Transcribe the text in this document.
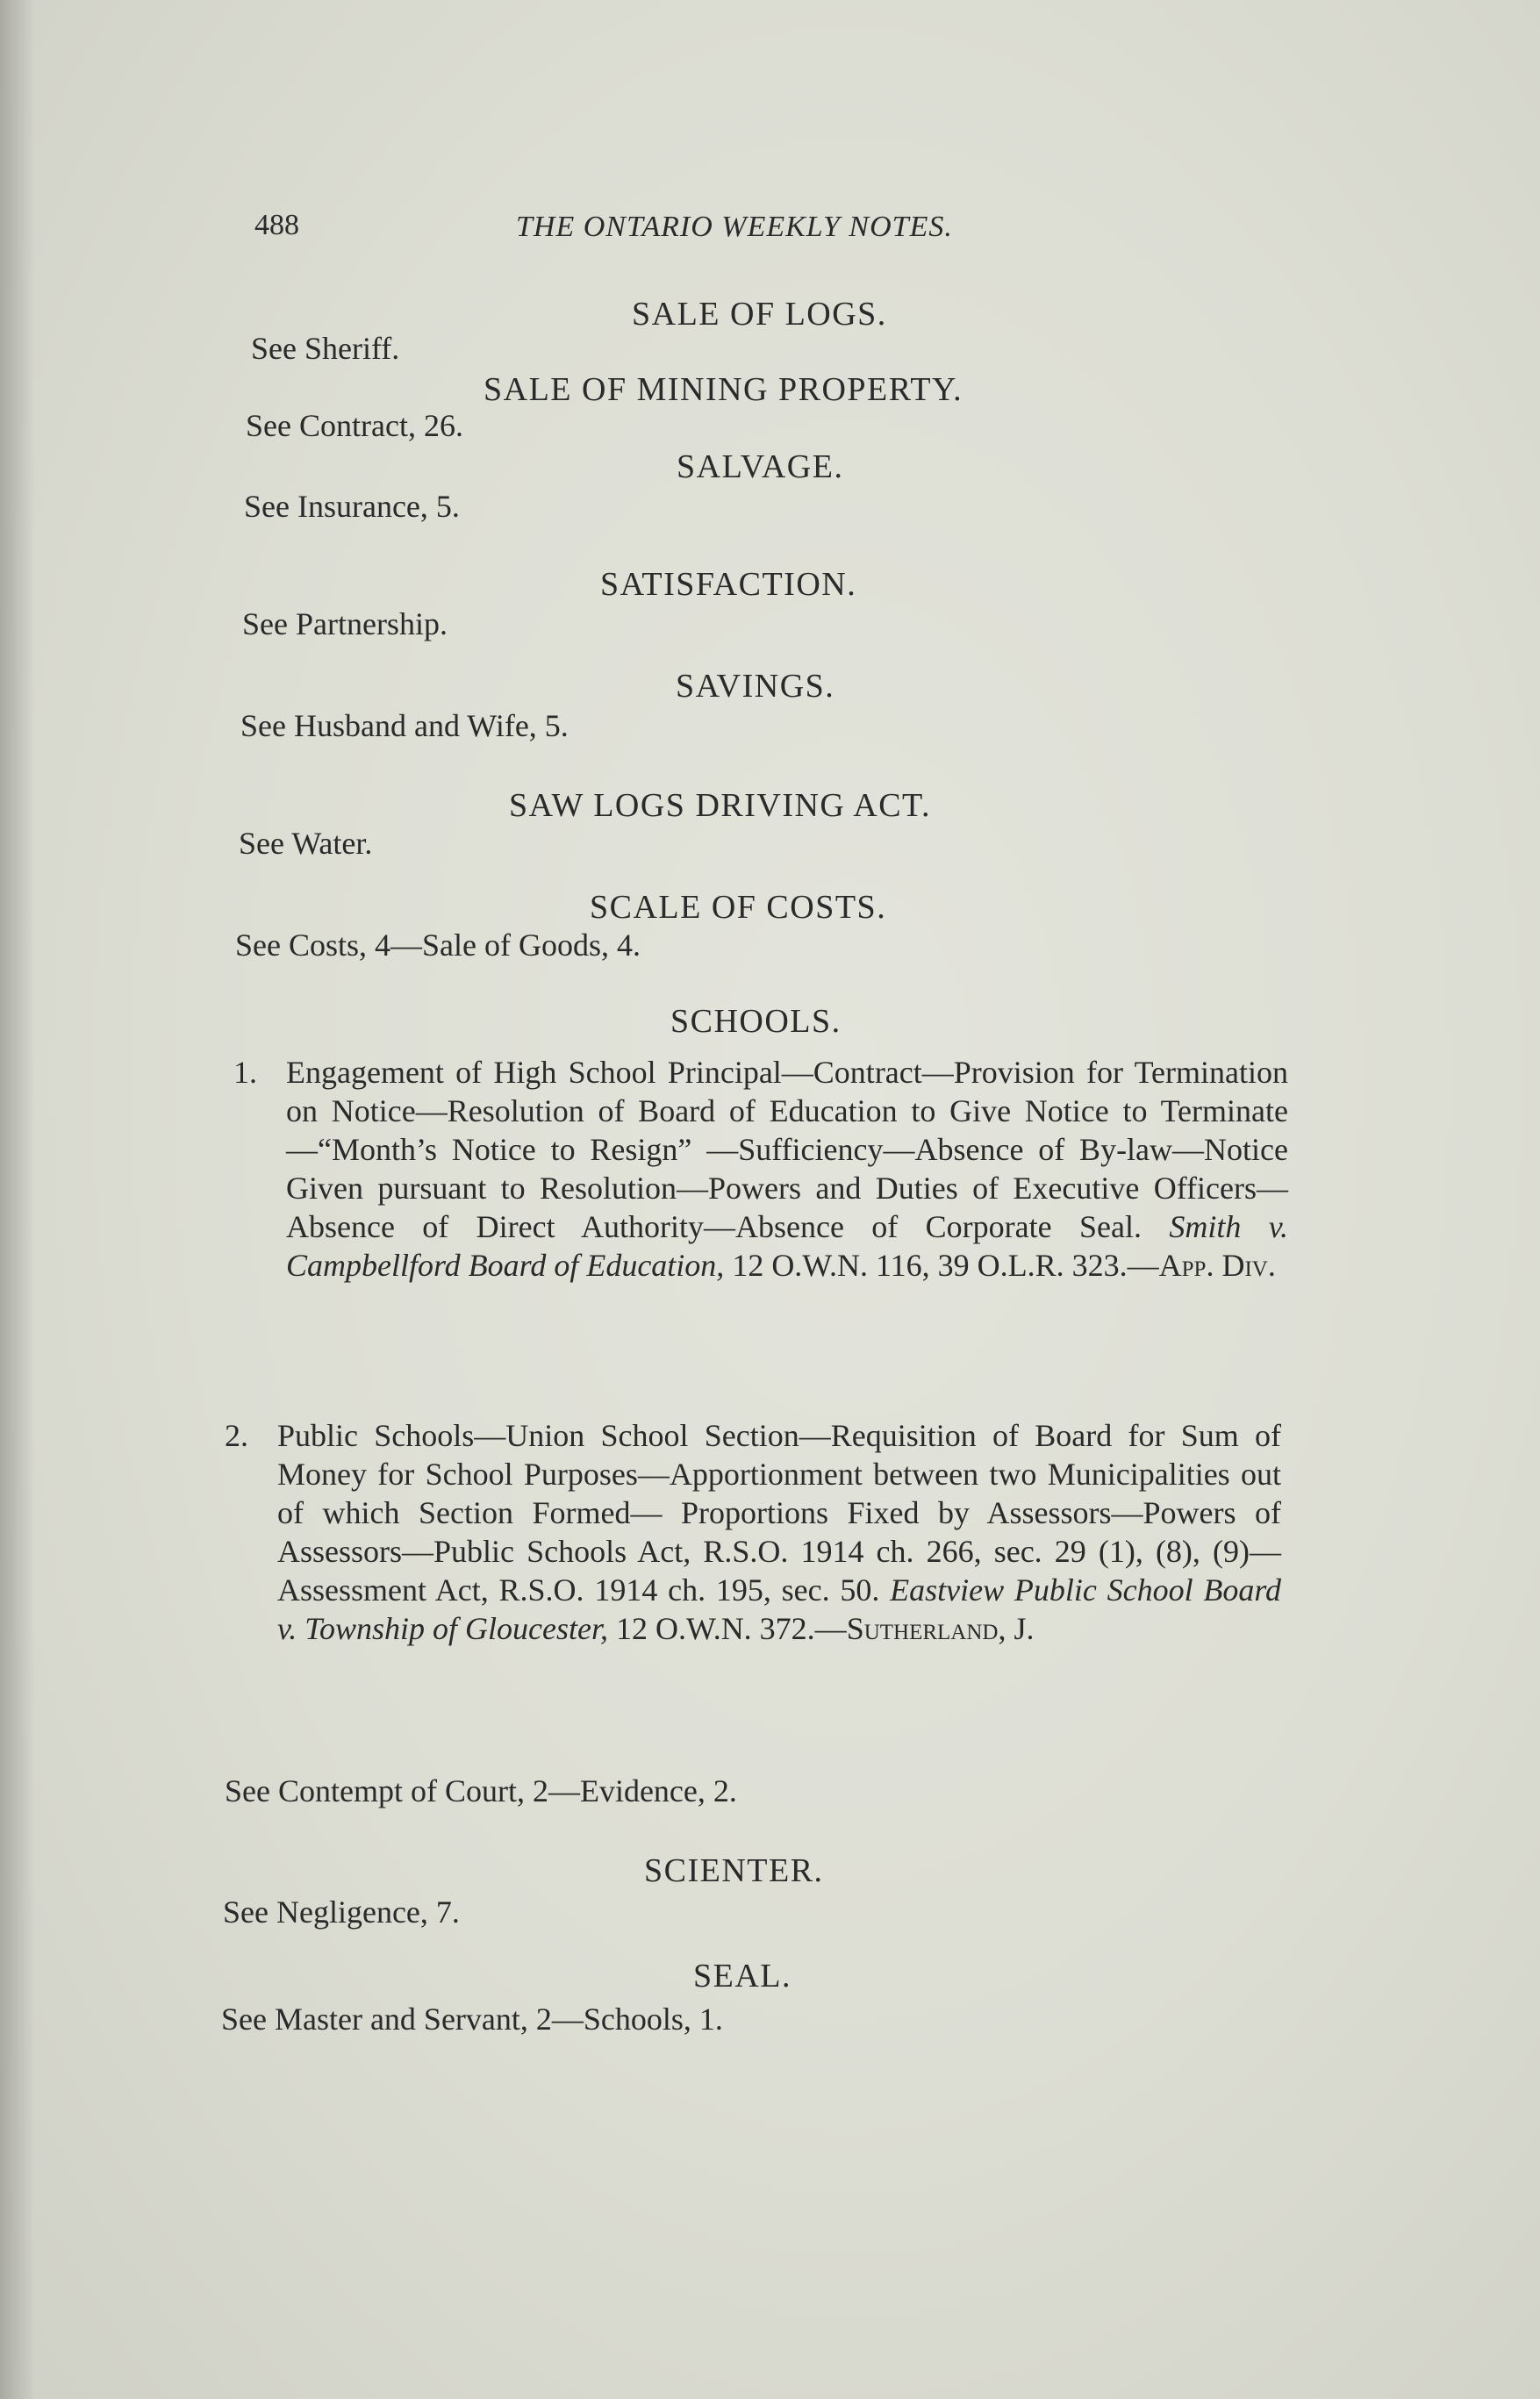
488	THE ONTARIO WEEKLY NOTES.
SALE OF LOGS.
See Sheriff.
SALE OF MINING PROPERTY.
See Contract, 26.
SALVAGE.
See Insurance, 5.
SATISFACTION.
See Partnership.
SAVINGS.
See Husband and Wife, 5.
SAW LOGS DRIVING ACT.
See Water.
SCALE OF COSTS.
See Costs, 4—Sale of Goods, 4.
SCHOOLS.
1. Engagement of High School Principal—Contract—Provision for Termination on Notice—Resolution of Board of Education to Give Notice to Terminate—“Month’s Notice to Resign” —Sufficiency—Absence of By-law—Notice Given pursuant to Resolution—Powers and Duties of Executive Officers— Absence of Direct Authority—Absence of Corporate Seal. Smith v. Campbellford Board of Education, 12 O.W.N. 116, 39 O.L.R. 323.—App. Div.
2. Public Schools—Union School Section—Requisition of Board for Sum of Money for School Purposes—Apportionment between two Municipalities out of which Section Formed— Proportions Fixed by Assessors—Powers of Assessors—Public Schools Act, R.S.O. 1914 ch. 266, sec. 29 (1), (8), (9)— Assessment Act, R.S.O. 1914 ch. 195, sec. 50. Eastview Public School Board v. Township of Gloucester, 12 O.W.N. 372.—Sutherland, J.
See Contempt of Court, 2—Evidence, 2.
SCIENTER.
See Negligence, 7.
SEAL.
See Master and Servant, 2—Schools, 1.
